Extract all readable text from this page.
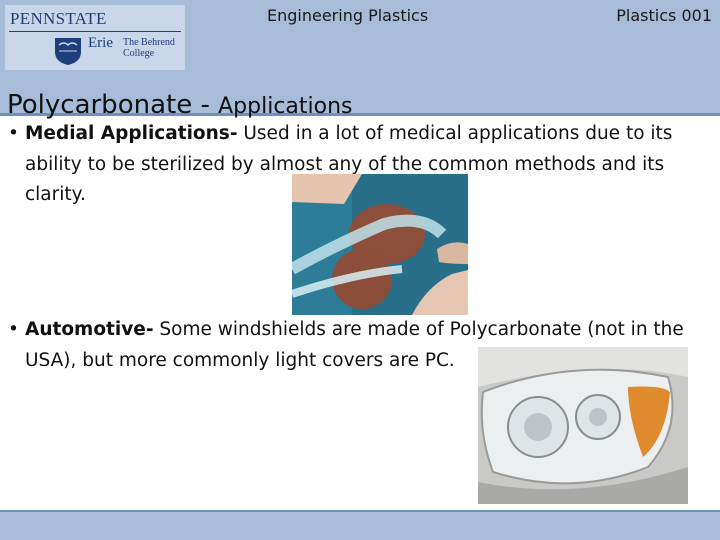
PENNSTATE
Erie The Behrend College
Engineering Plastics	Plastics 001
Polycarbonate - Applications
• Medial Applications- Used in a lot of medical applications due to its ability to be sterilized by almost any of the common methods and its clarity.
• Automotive- Some windshields are made of Polycarbonate (not in the USA), but more commonly light covers are PC.
